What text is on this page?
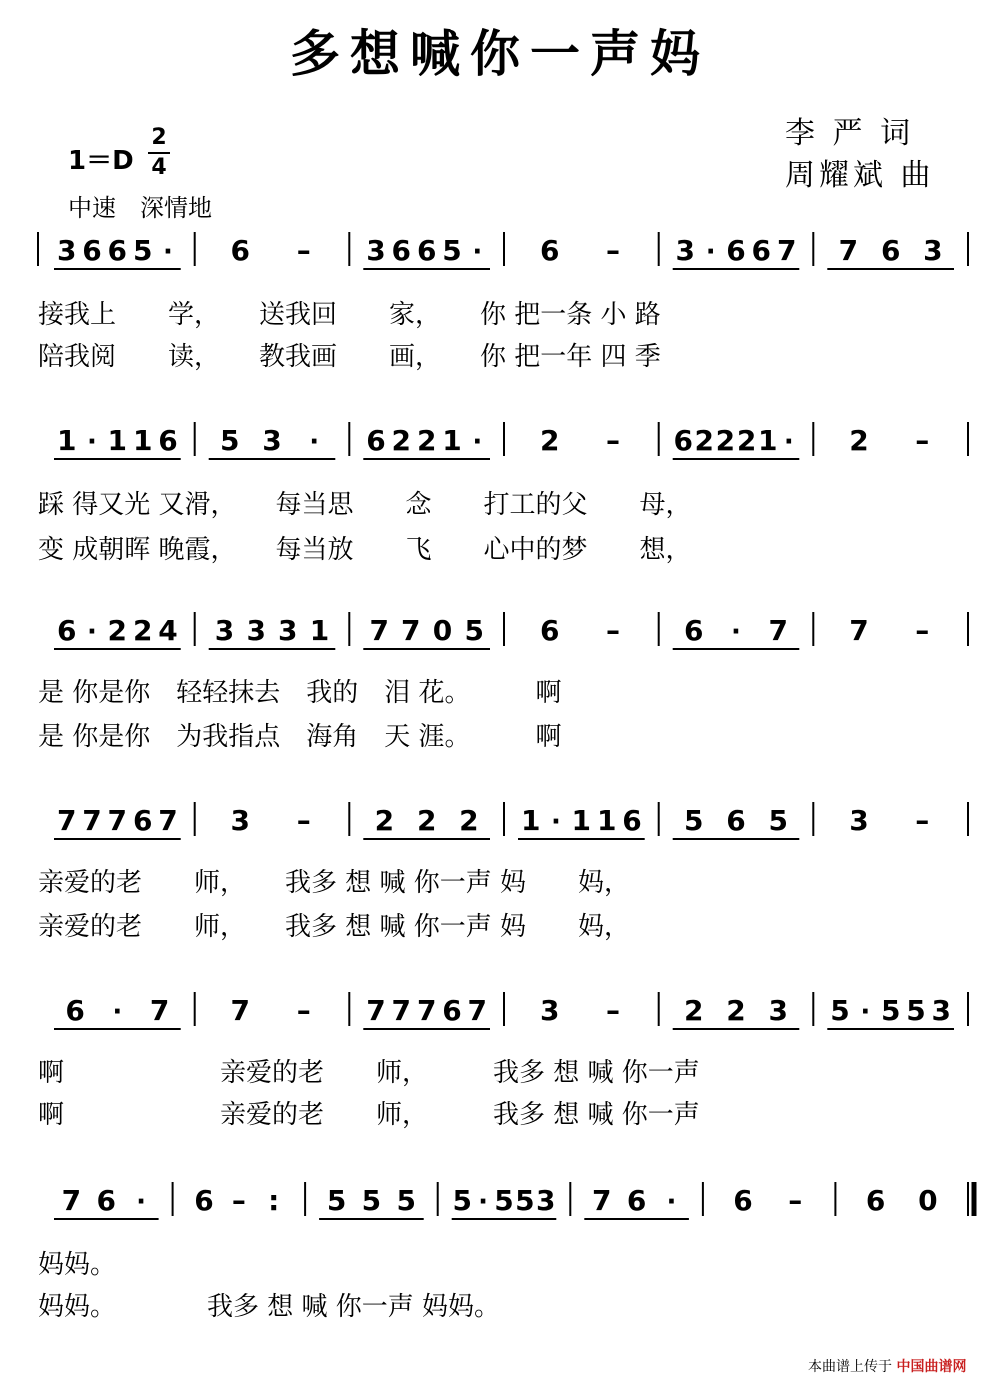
多想喊你一声妈
李 严 词
周耀斌 曲
1＝D
2
4
中速　深情地
3 6 6 5 · 6 – 3 6 6 5 · 6 – 3 · 6 6 7 7 6 3
1 · 1 1 6 5 3 · 6 2 2 1 · 2 – 6 2 2 2 1 · 2 –
6 · 2 2 4 3 3 3 1 7 7 0 5 6 – 6 · 7 7 –
7 7 7 6 7 3 – 2 2 2 1 · 1 1 6 5 6 5 3 –
6 · 7 7 – 7 7 7 6 7 3 – 2 2 3 5 · 5 5 3
7 6 · 6 – : 5 5 5 5 · 5 5 3 7 6 · 6 – 6 0
接我上　　学，　　送我回　　家，　　你 把一条 小 路
陪我阅　　读，　　教我画　　画，　　你 把一年 四 季
踩 得又光 又滑，　　每当思　　念　　打工的父　　母，
变 成朝晖 晚霞，　　每当放　　飞　　心中的梦　　想，
是 你是你　轻轻抹去　我的　泪 花。　　　啊
是 你是你　为我指点　海角　天 涯。　　　啊
亲爱的老　　师，　　我多 想 喊 你一声 妈　　妈，
亲爱的老　　师，　　我多 想 喊 你一声 妈　　妈，
啊　　　　　　亲爱的老　　师，　　　我多 想 喊 你一声
啊　　　　　　亲爱的老　　师，　　　我多 想 喊 你一声
妈妈。
妈妈。　　　　我多 想 喊 你一声 妈妈。
本曲谱上传于 中国曲谱网
